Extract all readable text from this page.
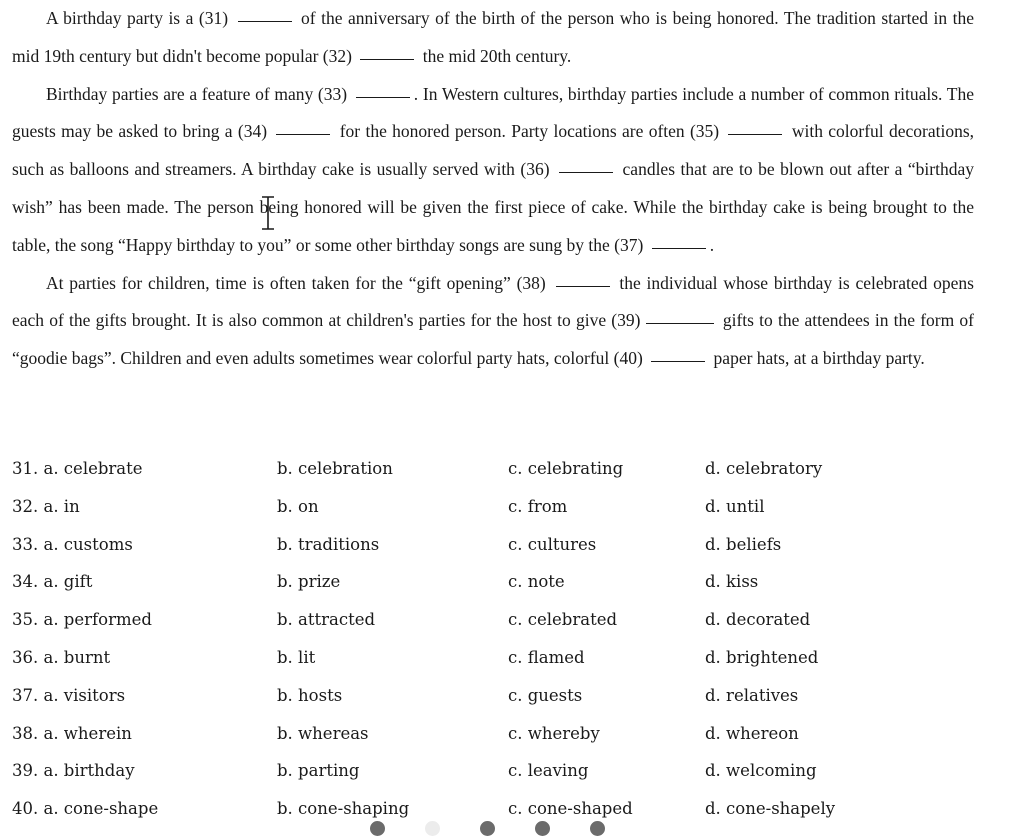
A birthday party is a (31)	of the anniversary of the birth of the person who is being honored. The tradition started in the mid 19th century but didn't become popular (32)	the mid 20th century.

Birthday parties are a feature of many (33)	. In Western cultures, birthday parties include a number of common rituals. The guests may be asked to bring a (34)	for the honored person. Party locations are often (35)	with colorful decorations, such as balloons and streamers. A birthday cake is usually served with (36)	candles that are to be blown out after a “birthday wish” has been made. The person being honored will be given the first piece of cake. While the birthday cake is being brought to the table, the song “Happy birthday to you” or some other birthday songs are sung by the (37)	.

At parties for children, time is often taken for the “gift opening” (38)	the individual whose birthday is celebrated opens each of the gifts brought. It is also common at children's parties for the host to give (39)	gifts to the attendees in the form of “goodie bags”. Children and even adults sometimes wear colorful party hats, colorful (40)	paper hats, at a birthday party.

31. a. celebrate	b. celebration	c. celebrating	d. celebratory
32. a. in	b. on	c. from	d. until
33. a. customs	b. traditions	c. cultures	d. beliefs
34. a. gift	b. prize	c. note	d. kiss
35. a. performed	b. attracted	c. celebrated	d. decorated
36. a. burnt	b. lit	c. flamed	d. brightened
37. a. visitors	b. hosts	c. guests	d. relatives
38. a. wherein	b. whereas	c. whereby	d. whereon
39. a. birthday	b. parting	c. leaving	d. welcoming
40. a. cone-shape	b. cone-shaping	c. cone-shaped	d. cone-shapely
